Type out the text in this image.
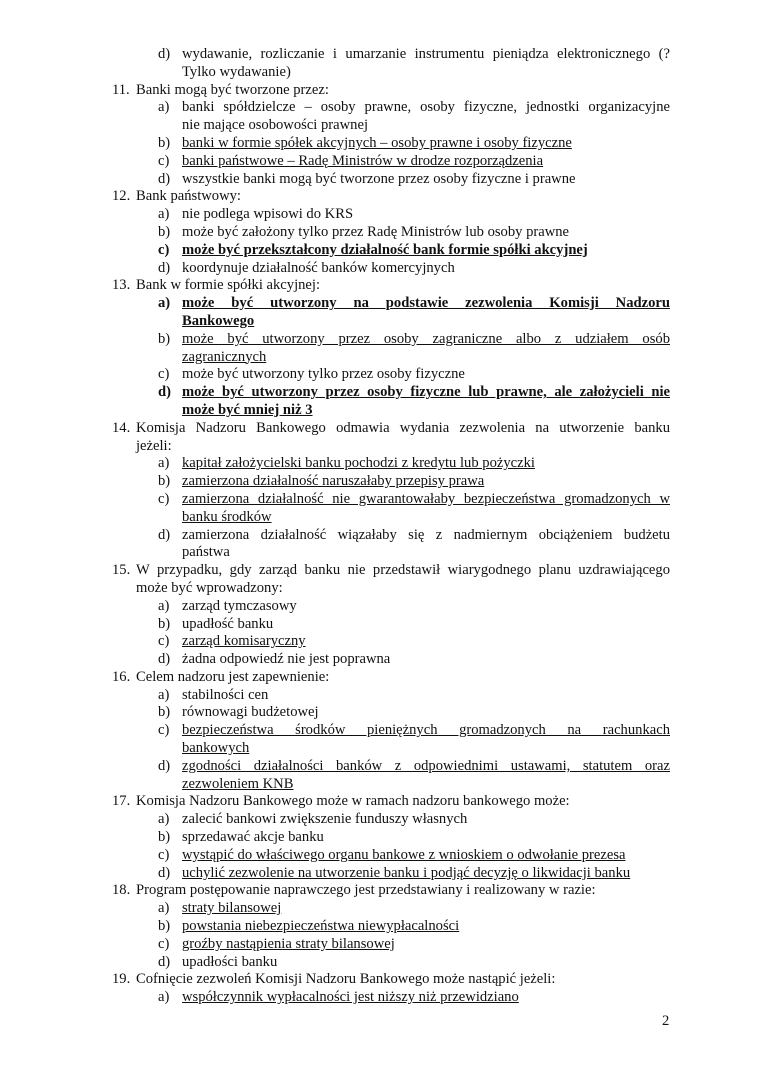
d) wydawanie, rozliczanie i umarzanie instrumentu pieniądza elektronicznego (?
Tylko wydawanie)
11. Banki mogą być tworzone przez:
a) banki spółdzielcze – osoby prawne, osoby fizyczne, jednostki organizacyjne
nie mające osobowości prawnej
b) banki w formie spółek akcyjnych – osoby prawne i osoby fizyczne
c) banki państwowe – Radę Ministrów w drodze rozporządzenia
d) wszystkie banki mogą być tworzone przez osoby fizyczne i prawne
12. Bank państwowy:
a) nie podlega wpisowi do KRS
b) może być założony tylko przez Radę Ministrów lub osoby prawne
c) może być przekształcony działalność bank formie spółki akcyjnej
d) koordynuje działalność banków komercyjnych
13. Bank w formie spółki akcyjnej:
a) może być utworzony na podstawie zezwolenia Komisji Nadzoru
Bankowego
b) może być utworzony przez osoby zagraniczne albo z udziałem osób
zagranicznych
c) może być utworzony tylko przez osoby fizyczne
d) może być utworzony przez osoby fizyczne lub prawne, ale założycieli nie
może być mniej niż 3
14. Komisja Nadzoru Bankowego odmawia wydania zezwolenia na utworzenie banku
jeżeli:
a) kapitał założycielski banku pochodzi z kredytu lub pożyczki
b) zamierzona działalność naruszałaby przepisy prawa
c) zamierzona działalność nie gwarantowałaby bezpieczeństwa gromadzonych w
banku środków
d) zamierzona działalność wiązałaby się z nadmiernym obciążeniem budżetu
państwa
15. W przypadku, gdy zarząd banku nie przedstawił wiarygodnego planu uzdrawiającego
może być wprowadzony:
a) zarząd tymczasowy
b) upadłość banku
c) zarząd komisaryczny
d) żadna odpowiedź nie jest poprawna
16. Celem nadzoru jest zapewnienie:
a) stabilności cen
b) równowagi budżetowej
c) bezpieczeństwa środków pieniężnych gromadzonych na rachunkach
bankowych
d) zgodności działalności banków z odpowiednimi ustawami, statutem oraz
zezwoleniem KNB
17. Komisja Nadzoru Bankowego może w ramach nadzoru bankowego może:
a) zalecić bankowi zwiększenie funduszy własnych
b) sprzedawać akcje banku
c) wystąpić do właściwego organu bankowe z wnioskiem o odwołanie prezesa
d) uchylić zezwolenie na utworzenie banku i podjąć decyzję o likwidacji banku
18. Program postępowanie naprawczego jest przedstawiany i realizowany w razie:
a) straty bilansowej
b) powstania niebezpieczeństwa niewypłacalności
c) groźby nastąpienia straty bilansowej
d) upadłości banku
19. Cofnięcie zezwoleń Komisji Nadzoru Bankowego może nastąpić jeżeli:
a) współczynnik wypłacalności jest niższy niż przewidziano
2
